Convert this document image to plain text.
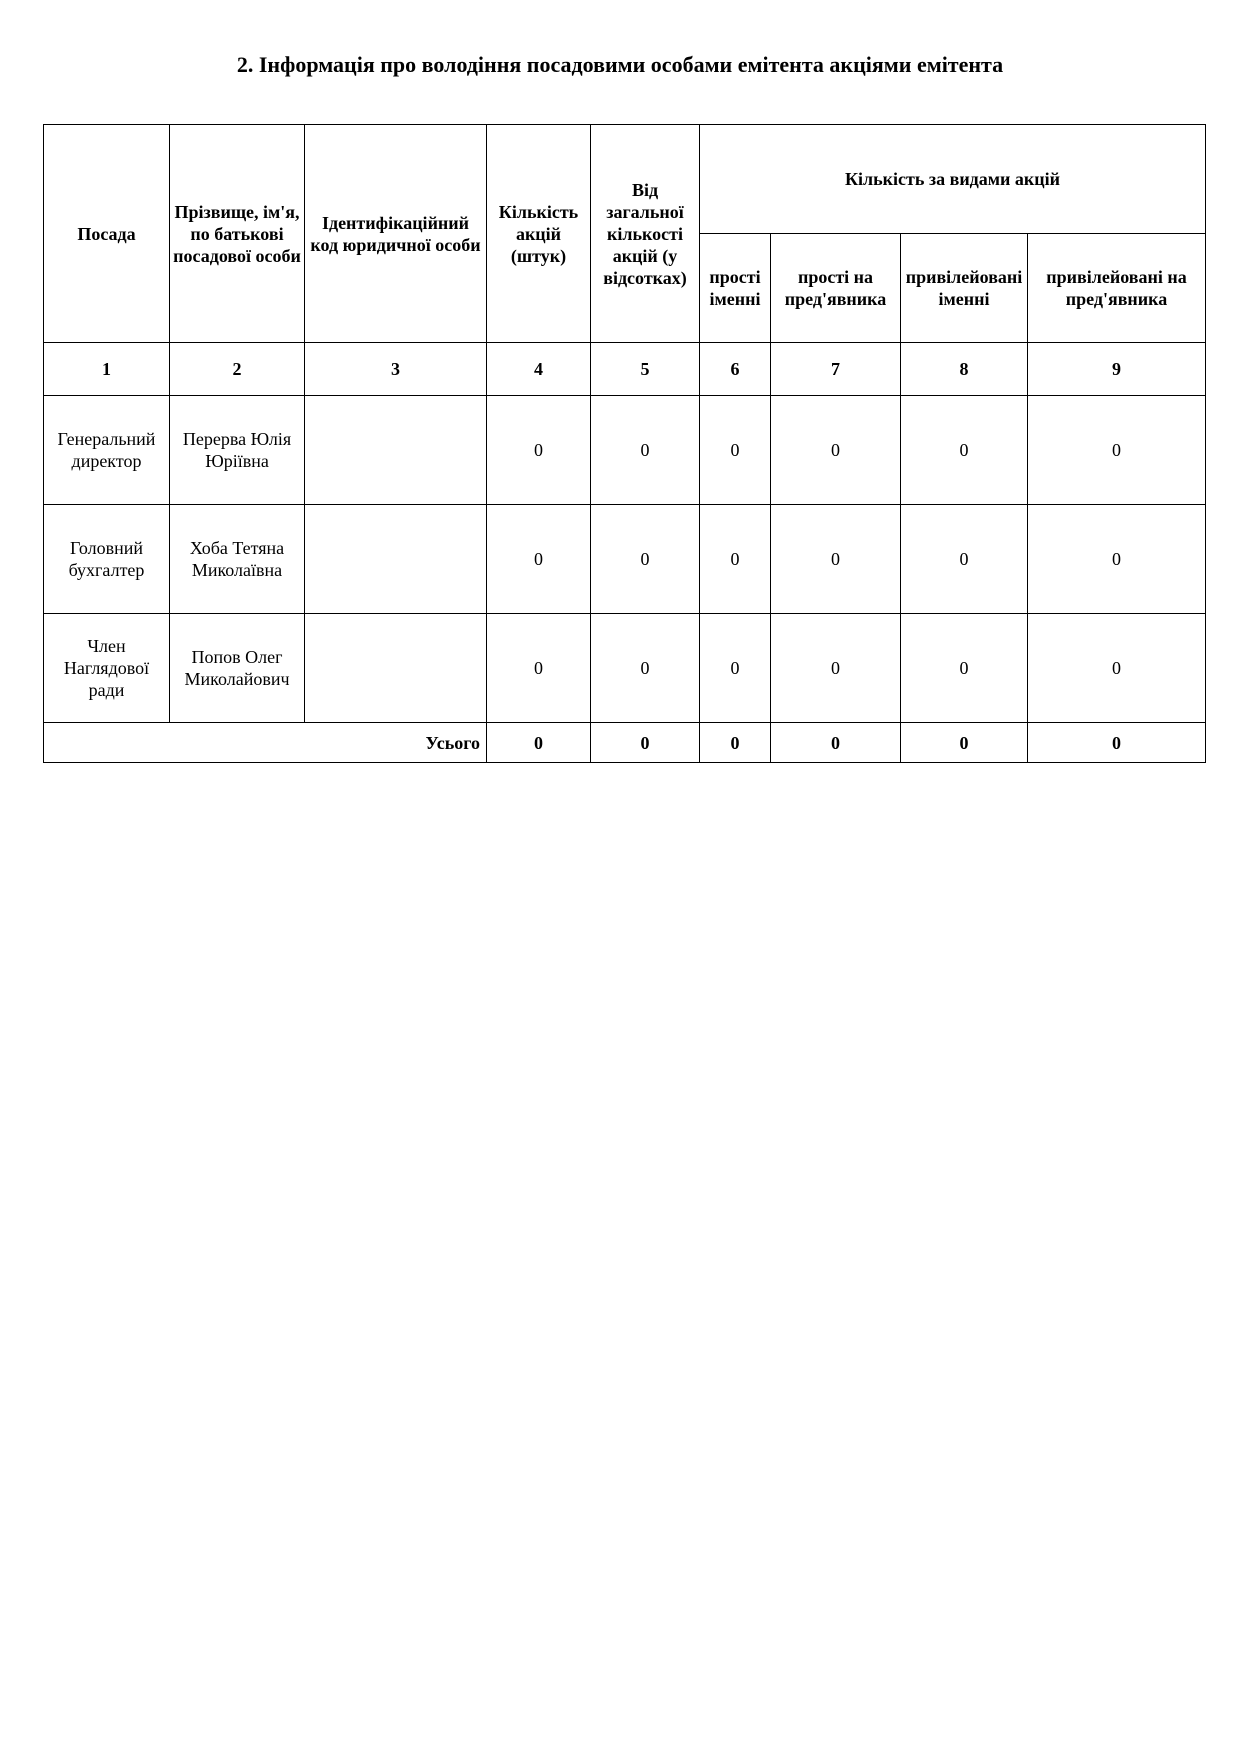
2. Інформація про володіння посадовими особами емітента акціями емітента
Посада	Прізвище, ім'я, по батькові посадової особи	Ідентифікаційний код юридичної особи	Кількість акцій (штук)	Від загальної кількості акцій (у відсотках)	Кількість за видами акцій			
					прості іменні	прості на пред'явника	привілейовані іменні	привілейовані на пред'явника
1	2	3	4	5	6	7	8	9
Генеральний директор	Перерва Юлія Юріївна		0	0	0	0	0	0
Головний бухгалтер	Хоба Тетяна Миколаївна		0	0	0	0	0	0
Член Наглядової ради	Попов Олег Миколайович		0	0	0	0	0	0
Усього			0	0	0	0	0	0
